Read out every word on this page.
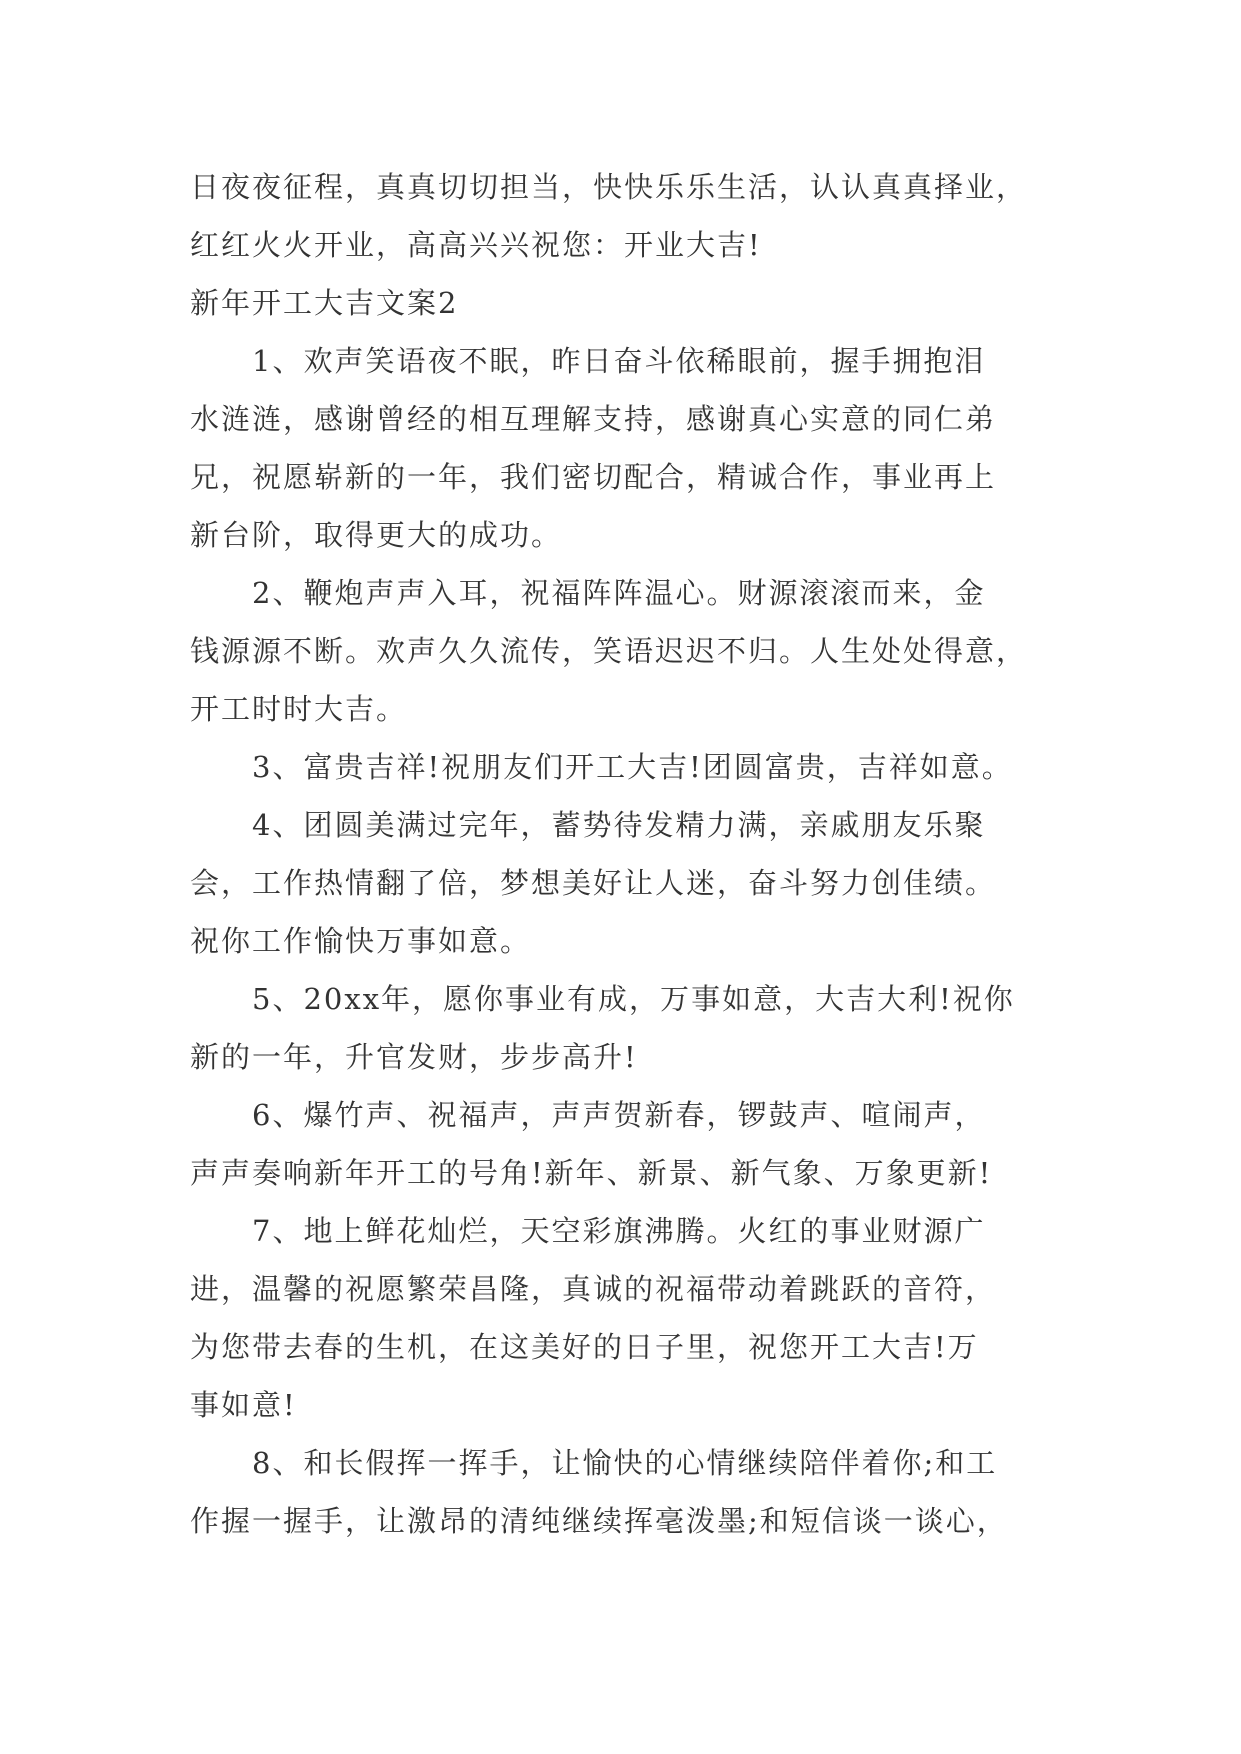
日夜夜征程，真真切切担当，快快乐乐生活，认认真真择业，
红红火火开业，高高兴兴祝您：开业大吉!
新年开工大吉文案2
1、欢声笑语夜不眠，昨日奋斗依稀眼前，握手拥抱泪
水涟涟，感谢曾经的相互理解支持，感谢真心实意的同仁弟
兄，祝愿崭新的一年，我们密切配合，精诚合作，事业再上
新台阶，取得更大的成功。
2、鞭炮声声入耳，祝福阵阵温心。财源滚滚而来，金
钱源源不断。欢声久久流传，笑语迟迟不归。人生处处得意，
开工时时大吉。
3、富贵吉祥!祝朋友们开工大吉!团圆富贵，吉祥如意。
4、团圆美满过完年，蓄势待发精力满，亲戚朋友乐聚
会，工作热情翻了倍，梦想美好让人迷，奋斗努力创佳绩。
祝你工作愉快万事如意。
5、20xx年，愿你事业有成，万事如意，大吉大利!祝你
新的一年，升官发财，步步高升!
6、爆竹声、祝福声，声声贺新春，锣鼓声、喧闹声，
声声奏响新年开工的号角!新年、新景、新气象、万象更新!
7、地上鲜花灿烂，天空彩旗沸腾。火红的事业财源广
进，温馨的祝愿繁荣昌隆，真诚的祝福带动着跳跃的音符，
为您带去春的生机，在这美好的日子里，祝您开工大吉!万
事如意!
8、和长假挥一挥手，让愉快的心情继续陪伴着你;和工
作握一握手，让激昂的清纯继续挥毫泼墨;和短信谈一谈心，
